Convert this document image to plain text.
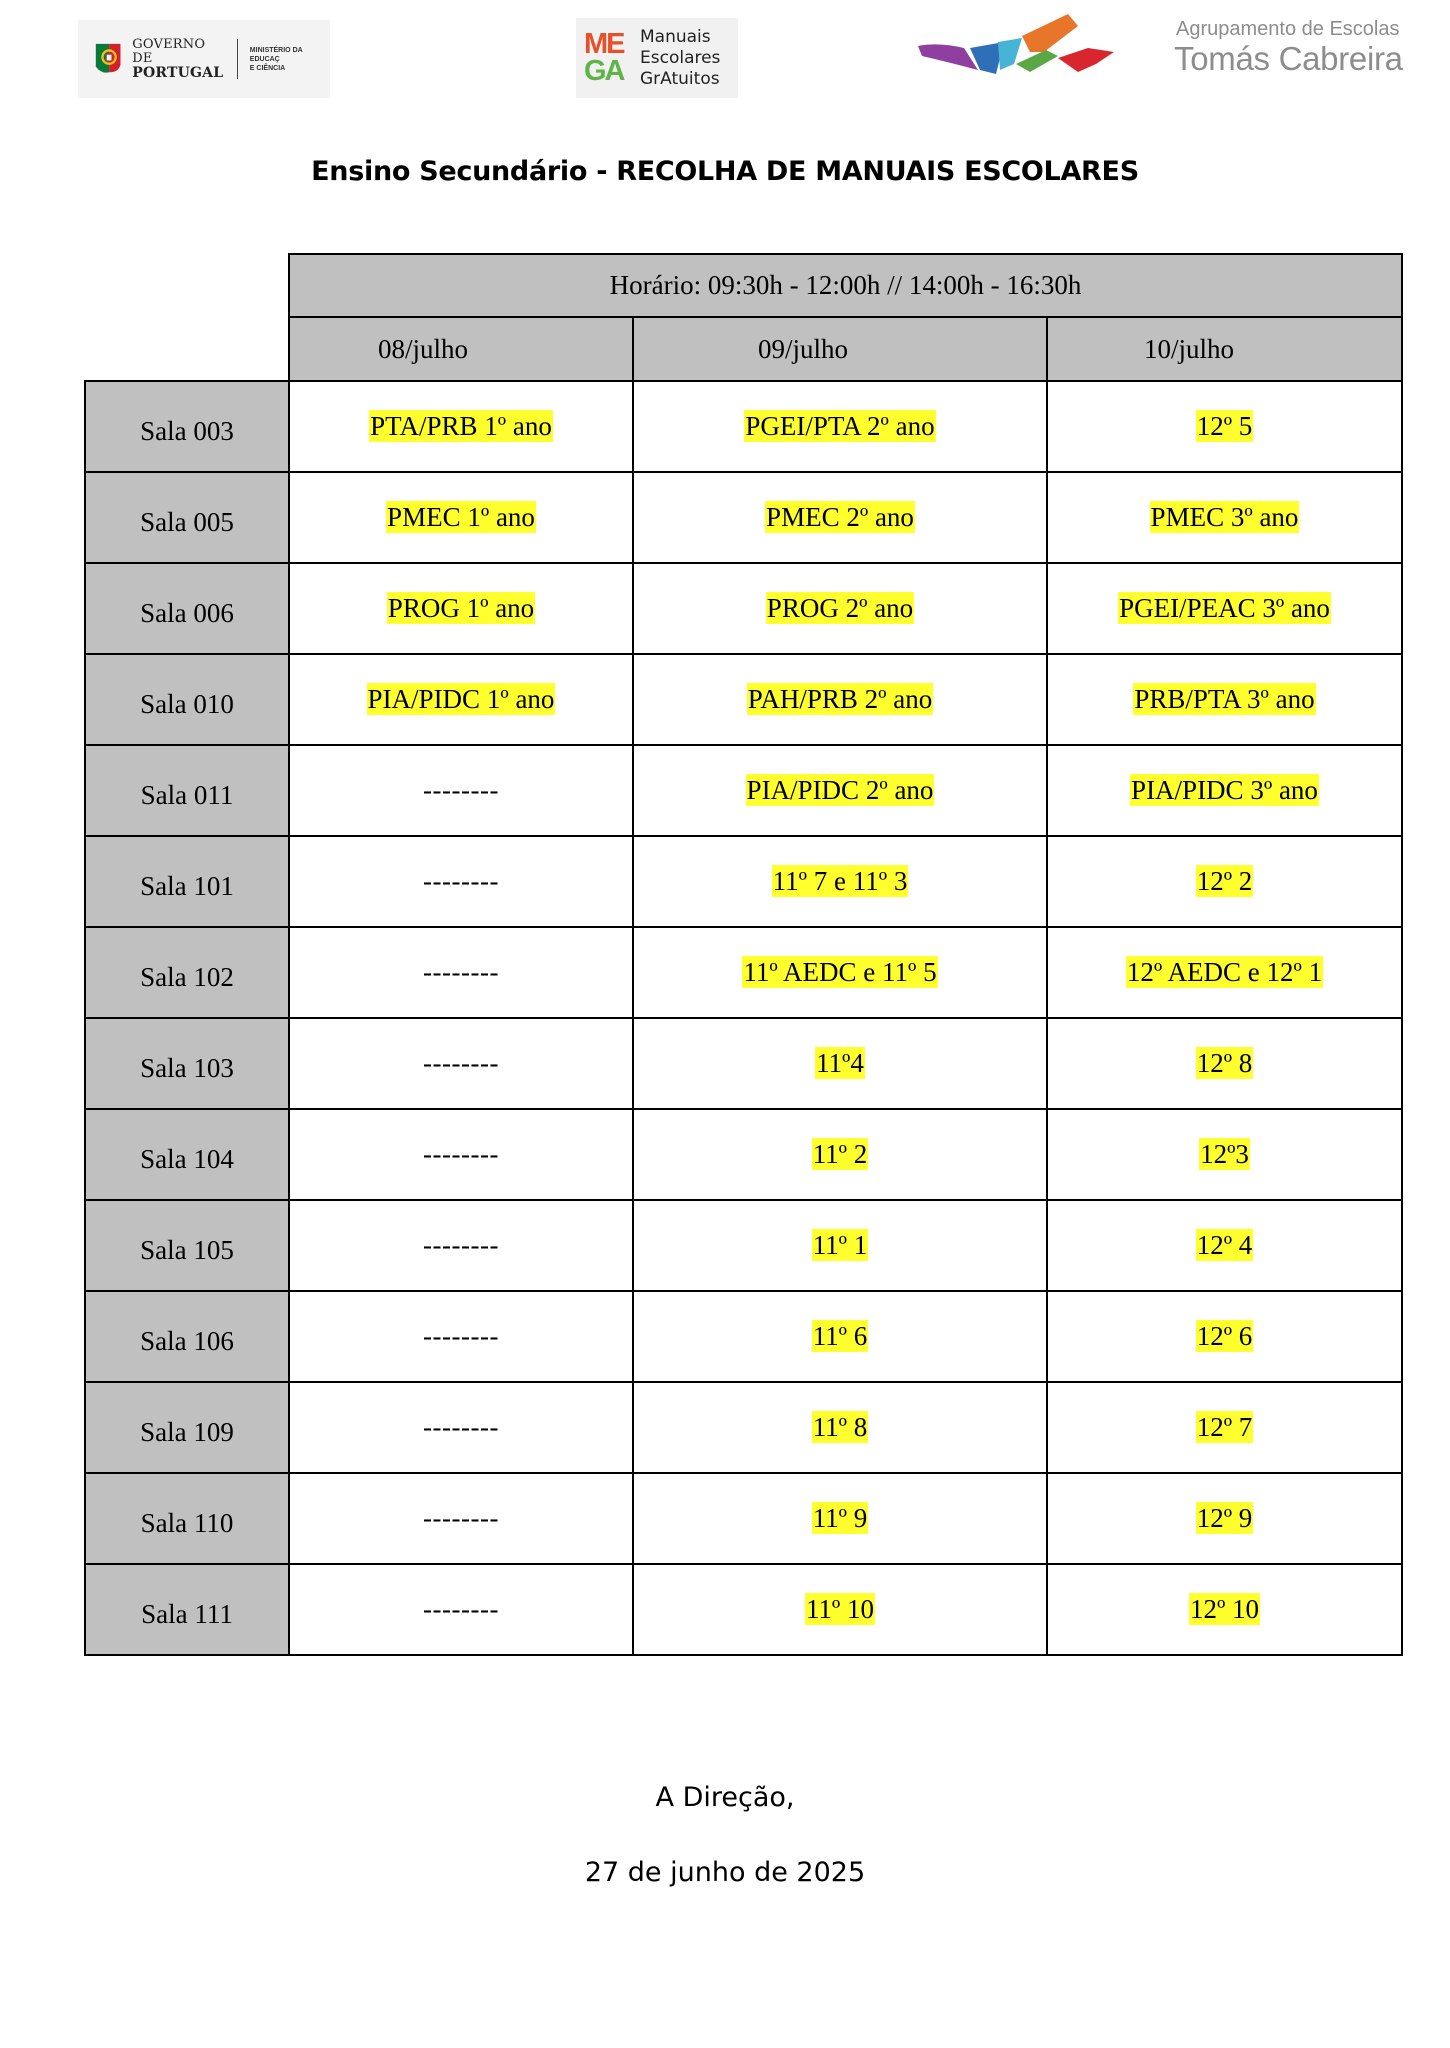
GOVERNO DE
PORTUGAL
MINISTÉRIO DA EDUCAÇ
E CIÊNCIA
ME
GA
Manuais
Escolares
GrAtuitos
Agrupamento de Escolas
Tomás Cabreira
Ensino Secundário - RECOLHA DE MANUAIS ESCOLARES
	Horário: 09:30h - 12:00h // 14:00h - 16:30h		

	08/julho	09/julho	10/julho

Sala 003	PTA/PRB 1º ano	PGEI/PTA 2º ano	12º 5
Sala 005	PMEC 1º ano	PMEC 2º ano	PMEC 3º ano
Sala 006	PROG 1º ano	PROG 2º ano	PGEI/PEAC 3º ano
Sala 010	PIA/PIDC 1º ano	PAH/PRB 2º ano	PRB/PTA 3º ano
Sala 011	--------	PIA/PIDC 2º ano	PIA/PIDC 3º ano
Sala 101	--------	11º 7 e 11º 3	12º 2
Sala 102	--------	11º AEDC e 11º 5	12º AEDC e 12º 1
Sala 103	--------	11º4	12º 8
Sala 104	--------	11º 2	12º3
Sala 105	--------	11º 1	12º 4
Sala 106	--------	11º 6	12º 6
Sala 109	--------	11º 8	12º 7
Sala 110	--------	11º 9	12º 9
Sala 111	--------	11º 10	12º 10
A Direção,
27 de junho de 2025
